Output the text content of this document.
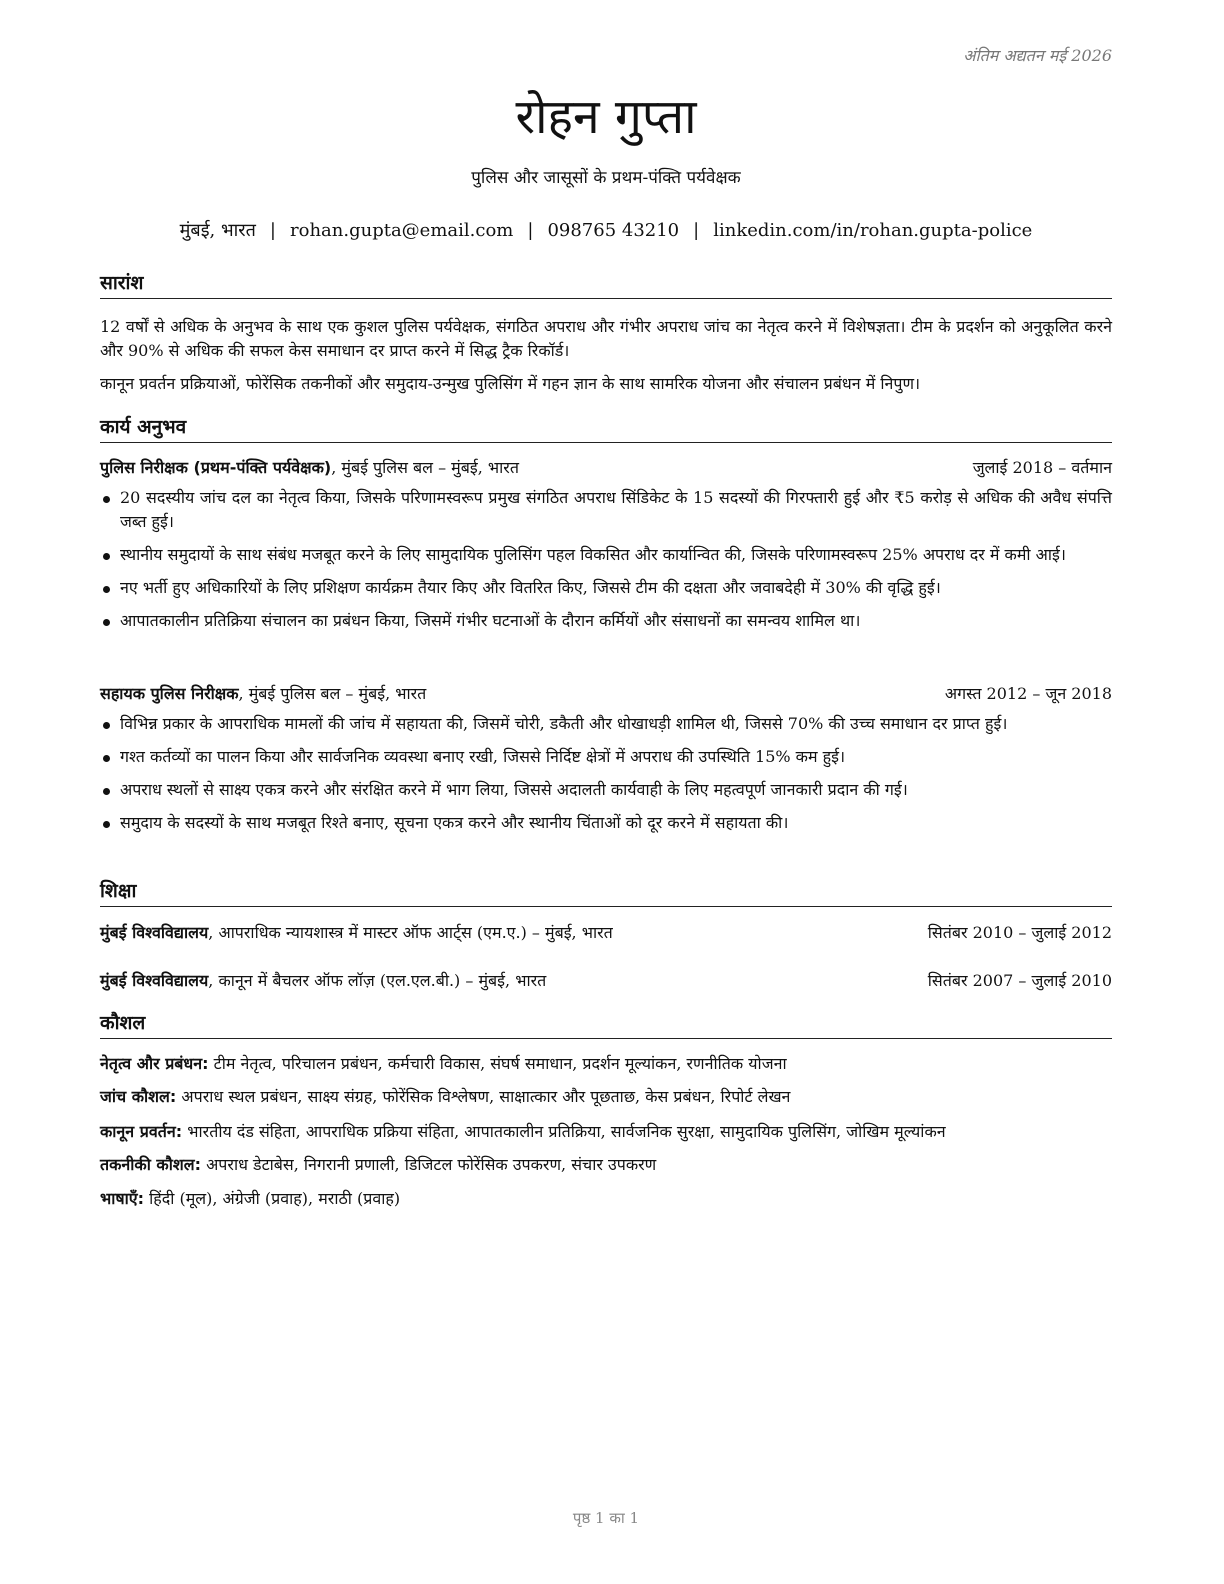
अंतिम अद्यतन मई 2026
रोहन गुप्ता
पुलिस और जासूसों के प्रथम-पंक्ति पर्यवेक्षक
मुंबई, भारत | rohan.gupta@email.com | 098765 43210 | linkedin.com/in/rohan.gupta-police
सारांश
12 वर्षों से अधिक के अनुभव के साथ एक कुशल पुलिस पर्यवेक्षक, संगठित अपराध और गंभीर अपराध जांच का नेतृत्व करने में विशेषज्ञता। टीम के प्रदर्शन को अनुकूलित करने और 90% से अधिक की सफल केस समाधान दर प्राप्त करने में सिद्ध ट्रैक रिकॉर्ड।
कानून प्रवर्तन प्रक्रियाओं, फोरेंसिक तकनीकों और समुदाय-उन्मुख पुलिसिंग में गहन ज्ञान के साथ सामरिक योजना और संचालन प्रबंधन में निपुण।
कार्य अनुभव
पुलिस निरीक्षक (प्रथम-पंक्ति पर्यवेक्षक), मुंबई पुलिस बल – मुंबई, भारत	जुलाई 2018 – वर्तमान
20 सदस्यीय जांच दल का नेतृत्व किया, जिसके परिणामस्वरूप प्रमुख संगठित अपराध सिंडिकेट के 15 सदस्यों की गिरफ्तारी हुई और ₹5 करोड़ से अधिक की अवैध संपत्ति जब्त हुई।
स्थानीय समुदायों के साथ संबंध मजबूत करने के लिए सामुदायिक पुलिसिंग पहल विकसित और कार्यान्वित की, जिसके परिणामस्वरूप 25% अपराध दर में कमी आई।
नए भर्ती हुए अधिकारियों के लिए प्रशिक्षण कार्यक्रम तैयार किए और वितरित किए, जिससे टीम की दक्षता और जवाबदेही में 30% की वृद्धि हुई।
आपातकालीन प्रतिक्रिया संचालन का प्रबंधन किया, जिसमें गंभीर घटनाओं के दौरान कर्मियों और संसाधनों का समन्वय शामिल था।
सहायक पुलिस निरीक्षक, मुंबई पुलिस बल – मुंबई, भारत	अगस्त 2012 – जून 2018
विभिन्न प्रकार के आपराधिक मामलों की जांच में सहायता की, जिसमें चोरी, डकैती और धोखाधड़ी शामिल थी, जिससे 70% की उच्च समाधान दर प्राप्त हुई।
गश्त कर्तव्यों का पालन किया और सार्वजनिक व्यवस्था बनाए रखी, जिससे निर्दिष्ट क्षेत्रों में अपराध की उपस्थिति 15% कम हुई।
अपराध स्थलों से साक्ष्य एकत्र करने और संरक्षित करने में भाग लिया, जिससे अदालती कार्यवाही के लिए महत्वपूर्ण जानकारी प्रदान की गई।
समुदाय के सदस्यों के साथ मजबूत रिश्ते बनाए, सूचना एकत्र करने और स्थानीय चिंताओं को दूर करने में सहायता की।
शिक्षा
मुंबई विश्वविद्यालय, आपराधिक न्यायशास्त्र में मास्टर ऑफ आर्ट्स (एम.ए.) – मुंबई, भारत	सितंबर 2010 – जुलाई 2012
मुंबई विश्वविद्यालय, कानून में बैचलर ऑफ लॉज़ (एल.एल.बी.) – मुंबई, भारत	सितंबर 2007 – जुलाई 2010
कौशल
नेतृत्व और प्रबंधन: टीम नेतृत्व, परिचालन प्रबंधन, कर्मचारी विकास, संघर्ष समाधान, प्रदर्शन मूल्यांकन, रणनीतिक योजना
जांच कौशल: अपराध स्थल प्रबंधन, साक्ष्य संग्रह, फोरेंसिक विश्लेषण, साक्षात्कार और पूछताछ, केस प्रबंधन, रिपोर्ट लेखन
कानून प्रवर्तन: भारतीय दंड संहिता, आपराधिक प्रक्रिया संहिता, आपातकालीन प्रतिक्रिया, सार्वजनिक सुरक्षा, सामुदायिक पुलिसिंग, जोखिम मूल्यांकन
तकनीकी कौशल: अपराध डेटाबेस, निगरानी प्रणाली, डिजिटल फोरेंसिक उपकरण, संचार उपकरण
भाषाएँ: हिंदी (मूल), अंग्रेजी (प्रवाह), मराठी (प्रवाह)
पृष्ठ 1 का 1
